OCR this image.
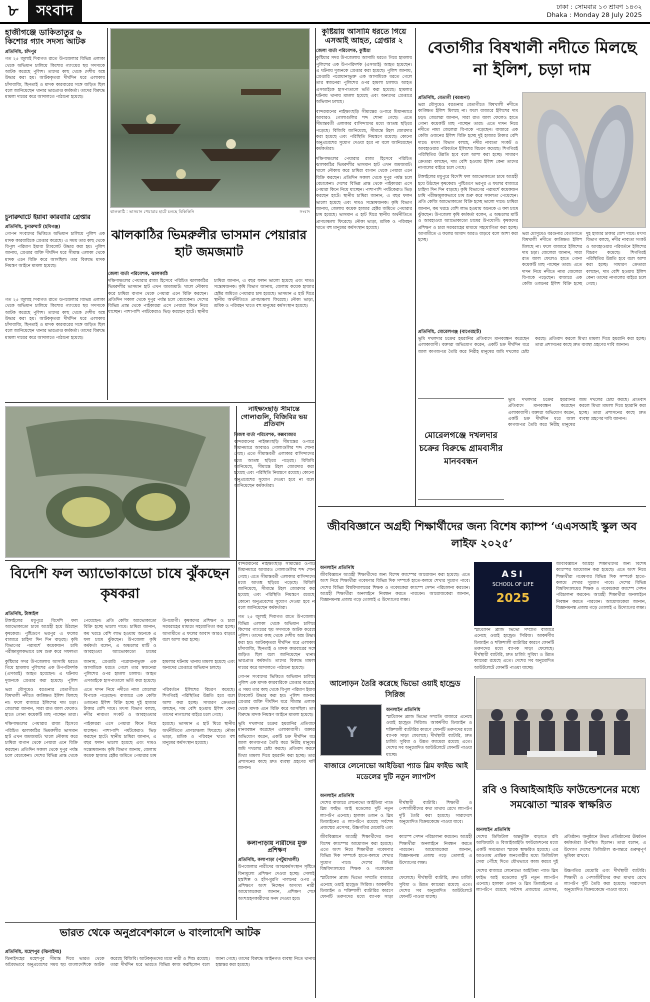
৮	সংবাদ	ঢাকা : সোমবার ১৩ শ্রাবণ ১৪৩২
Dhaka : Monday 28 July 2025
হাজীগঞ্জে ডাকিতাতুর ৬ কিশোর গ্যাং সদস্য আটক
প্রতিনিধি, চাঁদপুর
গত ২৫ জুলাই দিবাগত রাতে উপজেলার বিভিন্ন এলাকা থেকে অভিযান চালিয়ে কিশোর গ্যাংয়ের ছয় সদস্যকে আটক করেছে পুলিশ। তাদের কাছ থেকে দেশীয় অস্ত্র উদ্ধার করা হয়। আটককৃতরা দীর্ঘদিন ধরে এলাকায় চাঁদাবাজি, ছিনতাই ও মাদক কারবারের সঙ্গে জড়িত ছিল বলে জানিয়েছেন থানার ভারপ্রাপ্ত কর্মকর্তা। তাদের বিরুদ্ধে মামলা দায়ের করে আদালতে পাঠানো হয়েছে।
ঝালকাঠি : ভাসমান পেয়ারার হাটে চলছে বিকিকিনি	সংবাদ
কুষ্টিয়ায় আসামি ধরতে গিয়ে এসআই আহত, গ্রেপ্তার ২
জেলা বার্তা পরিবেশক, কুষ্টিয়া
কুষ্টিয়ার সদর উপজেলায় আসামি ধরতে গিয়ে হামলায় পুলিশের এক উপপরিদর্শক (এসআই) আহত হয়েছেন। এ ঘটনায় দুজনকে গ্রেপ্তার করা হয়েছে। পুলিশ জানায়, গ্রেপ্তারি পরোয়ানাভুক্ত এক আসামিকে ধরতে গেলে তার স্বজনেরা পুলিশের ওপর হামলা চালায়। আহত এসআইকে হাসপাতালে ভর্তি করা হয়েছে। হামলার ঘটনায় থানায় মামলা হয়েছে এবং অন্যদের গ্রেপ্তারে অভিযান চলছে।
বান্দরবানের নাইক্ষ্যংছড়ি সীমান্তের ওপারে মিয়ানমারে আবারও গোলাগুলির শব্দ শোনা গেছে। এতে সীমান্তবর্তী এলাকার বাসিন্দাদের মধ্যে আতঙ্ক ছড়িয়ে পড়েছে। বিজিবি জানিয়েছে, সীমান্তে টহল জোরদার করা হয়েছে এবং পরিস্থিতি নিয়ন্ত্রণে রয়েছে। কোনো অনুপ্রবেশের সুযোগ দেওয়া হবে না বলে জানিয়েছেন কর্মকর্তারা।
দক্ষিণাঞ্চলের পেয়ারার রাজ্য হিসেবে পরিচিত ঝালকাঠির ভিমরুলীর ভাসমান হাট এখন জমজমাট। খালে নৌকায় করে চাষিরা বাগান থেকে পেয়ারা এনে বিক্রি করছেন। প্রতিদিন সকাল থেকে দুপুর পর্যন্ত চলে বেচাকেনা। দেশের বিভিন্ন প্রান্ত থেকে পাইকাররা এসে পেয়ারা কিনে নিয়ে যাচ্ছেন। পাশাপাশি পর্যটকেরাও ভিড় করছেন হাটে। স্থানীয় চাষিরা জানান, এ বছর ফলন ভালো হয়েছে এবং দামও সন্তোষজনক। কৃষি বিভাগ জানায়, জেলায় কয়েক হাজার হেক্টর জমিতে পেয়ারার চাষ হয়েছে। ভাসমান এ হাট ঘিরে স্থানীয় অর্থনীতিতে প্রাণচাঞ্চল্য ফিরেছে। নৌকা ভাড়া, শ্রমিক ও পরিবহন খাতে বহু মানুষের কর্মসংস্থান হয়েছে।
বেতাগীর বিষখালী নদীতে মিলছে না ইলিশ, চড়া দাম
প্রতিনিধি, বেতাগী (বরগুনা)
ভরা মৌসুমেও বরগুনার বেতাগীতে বিষখালী নদীতে কাঙ্ক্ষিত ইলিশ মিলছে না। ফলে বাজারে ইলিশের দাম চড়া। জেলেরা জানান, সারা রাত জাল ফেলেও হাতে গোনা কয়েকটি মাছ পাচ্ছেন তারা। এতে দাদন নিয়ে নদীতে নামা জেলেরা বিপাকে পড়েছেন। বাজারে এক কেজি ওজনের ইলিশ বিক্রি হচ্ছে দুই হাজার টাকার বেশি দামে। মৎস্য বিভাগ বলছে, নদীর নাব্যতা সংকট ও আবহাওয়ার পরিবর্তনে ইলিশের বিচরণ কমেছে। শিগগিরই পরিস্থিতির উন্নতি হবে বলে আশা করা হচ্ছে। সাধারণ ক্রেতারা বলছেন, দাম বেশি হওয়ায় ইলিশ কেনা তাদের নাগালের বাইরে চলে গেছে।
টাঙ্গাইলের মধুপুরে বিদেশি ফল অ্যাভোকাডো চাষে আগ্রহী হয়ে উঠছেন কৃষকেরা। পুষ্টিগুণে ভরপুর এ ফলের বাজারে চাহিদা দিন দিন বাড়ছে। কৃষি বিভাগের পরামর্শে কয়েকজন চাষি পরীক্ষামূলকভাবে চাষ শুরু করে সফলতা পেয়েছেন। প্রতি কেজি অ্যাভোকাডো বিক্রি হচ্ছে ভালো দামে। চাষিরা জানান, কম খরচে বেশি লাভ হওয়ায় অনেকে এ ফল চাষে ঝুঁকছেন। উপজেলা কৃষি কর্মকর্তা বলেন, এ অঞ্চলের মাটি ও আবহাওয়া অ্যাভোকাডো চাষের উপযোগী। কৃষকদের প্রশিক্ষণ ও চারা সরবরাহের মাধ্যমে সহযোগিতা করা হচ্ছে। আগামীতে এ ফলের আবাদ আরও বাড়বে বলে আশা করা হচ্ছে।
ভরা মৌসুমেও বরগুনার বেতাগীতে বিষখালী নদীতে কাঙ্ক্ষিত ইলিশ মিলছে না। ফলে বাজারে ইলিশের দাম চড়া। জেলেরা জানান, সারা রাত জাল ফেলেও হাতে গোনা কয়েকটি মাছ পাচ্ছেন তারা। এতে দাদন নিয়ে নদীতে নামা জেলেরা বিপাকে পড়েছেন। বাজারে এক কেজি ওজনের ইলিশ বিক্রি হচ্ছে দুই হাজার টাকার বেশি দামে। মৎস্য বিভাগ বলছে, নদীর নাব্যতা সংকট ও আবহাওয়ার পরিবর্তনে ইলিশের বিচরণ কমেছে। শিগগিরই পরিস্থিতির উন্নতি হবে বলে আশা করা হচ্ছে। সাধারণ ক্রেতারা বলছেন, দাম বেশি হওয়ায় ইলিশ কেনা তাদের নাগালের বাইরে চলে গেছে।
চুনারুঘাটে ইয়াবা কারবারি গ্রেপ্তার
প্রতিনিধি, চুনারুঘাট (হবিগঞ্জ)
গোপন সংবাদের ভিত্তিতে অভিযান চালিয়ে পুলিশ এক মাদক কারবারিকে গ্রেপ্তার করেছে। এ সময় তার কাছ থেকে বিপুল পরিমাণ ইয়াবা ট্যাবলেট উদ্ধার করা হয়। পুলিশ জানায়, গ্রেপ্তার ব্যক্তি দীর্ঘদিন ধরে সীমান্ত এলাকা থেকে মাদক এনে বিক্রি করে আসছিল। তার বিরুদ্ধে মাদক নিয়ন্ত্রণ আইনে মামলা হয়েছে।
ঝালকাঠির ভিমরুলীর ভাসমান পেয়ারার হাট জমজমাট
জেলা বার্তা পরিবেশক, ঝালকাঠি
দক্ষিণাঞ্চলের পেয়ারার রাজ্য হিসেবে পরিচিত ঝালকাঠির ভিমরুলীর ভাসমান হাট এখন জমজমাট। খালে নৌকায় করে চাষিরা বাগান থেকে পেয়ারা এনে বিক্রি করছেন। প্রতিদিন সকাল থেকে দুপুর পর্যন্ত চলে বেচাকেনা। দেশের বিভিন্ন প্রান্ত থেকে পাইকাররা এসে পেয়ারা কিনে নিয়ে যাচ্ছেন। পাশাপাশি পর্যটকেরাও ভিড় করছেন হাটে। স্থানীয় চাষিরা জানান, এ বছর ফলন ভালো হয়েছে এবং দামও সন্তোষজনক। কৃষি বিভাগ জানায়, জেলায় কয়েক হাজার হেক্টর জমিতে পেয়ারার চাষ হয়েছে। ভাসমান এ হাট ঘিরে স্থানীয় অর্থনীতিতে প্রাণচাঞ্চল্য ফিরেছে। নৌকা ভাড়া, শ্রমিক ও পরিবহন খাতে বহু মানুষের কর্মসংস্থান হয়েছে।
গত ২৫ জুলাই দিবাগত রাতে উপজেলার বিভিন্ন এলাকা থেকে অভিযান চালিয়ে কিশোর গ্যাংয়ের ছয় সদস্যকে আটক করেছে পুলিশ। তাদের কাছ থেকে দেশীয় অস্ত্র উদ্ধার করা হয়। আটককৃতরা দীর্ঘদিন ধরে এলাকায় চাঁদাবাজি, ছিনতাই ও মাদক কারবারের সঙ্গে জড়িত ছিল বলে জানিয়েছেন থানার ভারপ্রাপ্ত কর্মকর্তা। তাদের বিরুদ্ধে মামলা দায়ের করে আদালতে পাঠানো হয়েছে।
প্রতিনিধি, মোরেলগঞ্জ (বাগেরহাট)
ভূমি দখলদার চক্রের হয়রানির প্রতিবাদে মানববন্ধন করেছেন এলাকাবাসী। বক্তারা অভিযোগ করেন, একটি চক্র দীর্ঘদিন ধরে জাল কাগজপত্র তৈরি করে নিরীহ মানুষের জমি দখলের চেষ্টা করছে। প্রতিবাদ করলে মিথ্যা মামলা দিয়ে হয়রানি করা হচ্ছে। তারা প্রশাসনের কাছে দ্রুত ব্যবস্থা গ্রহণের দাবি জানান।
মোরেলগঞ্জে দখলদার চক্রের বিরুদ্ধে গ্রামবাসীর মানববন্ধন
ভূমি দখলদার চক্রের হয়রানির প্রতিবাদে মানববন্ধন করেছেন এলাকাবাসী। বক্তারা অভিযোগ করেন, একটি চক্র দীর্ঘদিন ধরে জাল কাগজপত্র তৈরি করে নিরীহ মানুষের জমি দখলের চেষ্টা করছে। প্রতিবাদ করলে মিথ্যা মামলা দিয়ে হয়রানি করা হচ্ছে। তারা প্রশাসনের কাছে দ্রুত ব্যবস্থা গ্রহণের দাবি জানান।
নাইক্ষ্যংছড়ি সীমান্তে গোলাগুলি, বিজিবির ভয় প্রতিবাদ
নিজস্ব বার্তা পরিবেশক, কক্সবাজার
বান্দরবানের নাইক্ষ্যংছড়ি সীমান্তের ওপারে মিয়ানমারে আবারও গোলাগুলির শব্দ শোনা গেছে। এতে সীমান্তবর্তী এলাকার বাসিন্দাদের মধ্যে আতঙ্ক ছড়িয়ে পড়েছে। বিজিবি জানিয়েছে, সীমান্তে টহল জোরদার করা হয়েছে এবং পরিস্থিতি নিয়ন্ত্রণে রয়েছে। কোনো অনুপ্রবেশের সুযোগ দেওয়া হবে না বলে জানিয়েছেন কর্মকর্তারা।
জীববিজ্ঞানে অগ্রহী শিক্ষার্থীদের জন্য বিশেষ ক্যাম্প ‘এএসআই স্কুল অব লাইফ ২০২৫’
বিদেশি ফল অ্যাভোকাডো চাষে ঝুঁকছেন কৃষকরা
প্রতিনিধি, টাঙ্গাইল
টাঙ্গাইলের মধুপুরে বিদেশি ফল অ্যাভোকাডো চাষে আগ্রহী হয়ে উঠছেন কৃষকেরা। পুষ্টিগুণে ভরপুর এ ফলের বাজারে চাহিদা দিন দিন বাড়ছে। কৃষি বিভাগের পরামর্শে কয়েকজন চাষি পরীক্ষামূলকভাবে চাষ শুরু করে সফলতা পেয়েছেন। প্রতি কেজি অ্যাভোকাডো বিক্রি হচ্ছে ভালো দামে। চাষিরা জানান, কম খরচে বেশি লাভ হওয়ায় অনেকে এ ফল চাষে ঝুঁকছেন। উপজেলা কৃষি কর্মকর্তা বলেন, এ অঞ্চলের মাটি ও আবহাওয়া অ্যাভোকাডো চাষের উপযোগী। কৃষকদের প্রশিক্ষণ ও চারা সরবরাহের মাধ্যমে সহযোগিতা করা হচ্ছে। আগামীতে এ ফলের আবাদ আরও বাড়বে বলে আশা করা হচ্ছে।
কুষ্টিয়ার সদর উপজেলায় আসামি ধরতে গিয়ে হামলায় পুলিশের এক উপপরিদর্শক (এসআই) আহত হয়েছেন। এ ঘটনায় দুজনকে গ্রেপ্তার করা হয়েছে। পুলিশ জানায়, গ্রেপ্তারি পরোয়ানাভুক্ত এক আসামিকে ধরতে গেলে তার স্বজনেরা পুলিশের ওপর হামলা চালায়। আহত এসআইকে হাসপাতালে ভর্তি করা হয়েছে। হামলার ঘটনায় থানায় মামলা হয়েছে এবং অন্যদের গ্রেপ্তারে অভিযান চলছে।
ভরা মৌসুমেও বরগুনার বেতাগীতে বিষখালী নদীতে কাঙ্ক্ষিত ইলিশ মিলছে না। ফলে বাজারে ইলিশের দাম চড়া। জেলেরা জানান, সারা রাত জাল ফেলেও হাতে গোনা কয়েকটি মাছ পাচ্ছেন তারা। এতে দাদন নিয়ে নদীতে নামা জেলেরা বিপাকে পড়েছেন। বাজারে এক কেজি ওজনের ইলিশ বিক্রি হচ্ছে দুই হাজার টাকার বেশি দামে। মৎস্য বিভাগ বলছে, নদীর নাব্যতা সংকট ও আবহাওয়ার পরিবর্তনে ইলিশের বিচরণ কমেছে। শিগগিরই পরিস্থিতির উন্নতি হবে বলে আশা করা হচ্ছে। সাধারণ ক্রেতারা বলছেন, দাম বেশি হওয়ায় ইলিশ কেনা তাদের নাগালের বাইরে চলে গেছে।
দক্ষিণাঞ্চলের পেয়ারার রাজ্য হিসেবে পরিচিত ঝালকাঠির ভিমরুলীর ভাসমান হাট এখন জমজমাট। খালে নৌকায় করে চাষিরা বাগান থেকে পেয়ারা এনে বিক্রি করছেন। প্রতিদিন সকাল থেকে দুপুর পর্যন্ত চলে বেচাকেনা। দেশের বিভিন্ন প্রান্ত থেকে পাইকাররা এসে পেয়ারা কিনে নিয়ে যাচ্ছেন। পাশাপাশি পর্যটকেরাও ভিড় করছেন হাটে। স্থানীয় চাষিরা জানান, এ বছর ফলন ভালো হয়েছে এবং দামও সন্তোষজনক। কৃষি বিভাগ জানায়, জেলায় কয়েক হাজার হেক্টর জমিতে পেয়ারার চাষ হয়েছে। ভাসমান এ হাট ঘিরে স্থানীয় অর্থনীতিতে প্রাণচাঞ্চল্য ফিরেছে। নৌকা ভাড়া, শ্রমিক ও পরিবহন খাতে বহু মানুষের কর্মসংস্থান হয়েছে।
বান্দরবানের নাইক্ষ্যংছড়ি সীমান্তের ওপারে মিয়ানমারে আবারও গোলাগুলির শব্দ শোনা গেছে। এতে সীমান্তবর্তী এলাকার বাসিন্দাদের মধ্যে আতঙ্ক ছড়িয়ে পড়েছে। বিজিবি জানিয়েছে, সীমান্তে টহল জোরদার করা হয়েছে এবং পরিস্থিতি নিয়ন্ত্রণে রয়েছে। কোনো অনুপ্রবেশের সুযোগ দেওয়া হবে না বলে জানিয়েছেন কর্মকর্তারা।
গত ২৫ জুলাই দিবাগত রাতে উপজেলার বিভিন্ন এলাকা থেকে অভিযান চালিয়ে কিশোর গ্যাংয়ের ছয় সদস্যকে আটক করেছে পুলিশ। তাদের কাছ থেকে দেশীয় অস্ত্র উদ্ধার করা হয়। আটককৃতরা দীর্ঘদিন ধরে এলাকায় চাঁদাবাজি, ছিনতাই ও মাদক কারবারের সঙ্গে জড়িত ছিল বলে জানিয়েছেন থানার ভারপ্রাপ্ত কর্মকর্তা। তাদের বিরুদ্ধে মামলা দায়ের করে আদালতে পাঠানো হয়েছে।
গোপন সংবাদের ভিত্তিতে অভিযান চালিয়ে পুলিশ এক মাদক কারবারিকে গ্রেপ্তার করেছে। এ সময় তার কাছ থেকে বিপুল পরিমাণ ইয়াবা ট্যাবলেট উদ্ধার করা হয়। পুলিশ জানায়, গ্রেপ্তার ব্যক্তি দীর্ঘদিন ধরে সীমান্ত এলাকা থেকে মাদক এনে বিক্রি করে আসছিল। তার বিরুদ্ধে মাদক নিয়ন্ত্রণ আইনে মামলা হয়েছে।
ভূমি দখলদার চক্রের হয়রানির প্রতিবাদে মানববন্ধন করেছেন এলাকাবাসী। বক্তারা অভিযোগ করেন, একটি চক্র দীর্ঘদিন ধরে জাল কাগজপত্র তৈরি করে নিরীহ মানুষের জমি দখলের চেষ্টা করছে। প্রতিবাদ করলে মিথ্যা মামলা দিয়ে হয়রানি করা হচ্ছে। তারা প্রশাসনের কাছে দ্রুত ব্যবস্থা গ্রহণের দাবি জানান।
অনলাইন প্রতিনিধি
জীববিজ্ঞানে আগ্রহী শিক্ষার্থীদের জন্য বিশেষ ক্যাম্পের আয়োজন করা হয়েছে। এতে অংশ নিয়ে শিক্ষার্থীরা গবেষণার বিভিন্ন দিক সম্পর্কে হাতে-কলমে শেখার সুযোগ পাবে। দেশের বিভিন্ন বিশ্ববিদ্যালয়ের শিক্ষক ও গবেষকেরা ক্যাম্পে সেশন পরিচালনা করবেন। আগ্রহী শিক্ষার্থীরা অনলাইনে নিবন্ধন করতে পারবেন। আয়োজকেরা জানান, বিজ্ঞানমনস্ক প্রজন্ম গড়ে তোলাই এ উদ্যোগের লক্ষ্য।
ASI
SCHOOL OF LIFE
2025
জীববিজ্ঞানে আগ্রহী শিক্ষার্থীদের জন্য বিশেষ ক্যাম্পের আয়োজন করা হয়েছে। এতে অংশ নিয়ে শিক্ষার্থীরা গবেষণার বিভিন্ন দিক সম্পর্কে হাতে-কলমে শেখার সুযোগ পাবে। দেশের বিভিন্ন বিশ্ববিদ্যালয়ের শিক্ষক ও গবেষকেরা ক্যাম্পে সেশন পরিচালনা করবেন। আগ্রহী শিক্ষার্থীরা অনলাইনে নিবন্ধন করতে পারবেন। আয়োজকেরা জানান, বিজ্ঞানমনস্ক প্রজন্ম গড়ে তোলাই এ উদ্যোগের লক্ষ্য।
স্মার্টফোন ব্র্যান্ড ভিভো সম্প্রতি বাজারে এনেছে ওয়াই হান্ড্রেড সিরিজ। আকর্ষণীয় ডিজাইন ও শক্তিশালী ব্যাটারির কারণে ফোনটি তরুণদের মধ্যে ব্যাপক সাড়া ফেলেছে। দীর্ঘস্থায়ী ব্যাটারি, দ্রুত চার্জিং সুবিধা ও উন্নত ক্যামেরা রয়েছে এতে। দেশের সব অনুমোদিত আউটলেটে ফোনটি পাওয়া যাচ্ছে।
আলোড়ন তৈরি করেছে ভিভো ওয়াই হান্ড্রেড সিরিজ
Y
অনলাইন প্রতিনিধি
স্মার্টফোন ব্র্যান্ড ভিভো সম্প্রতি বাজারে এনেছে ওয়াই হান্ড্রেড সিরিজ। আকর্ষণীয় ডিজাইন ও শক্তিশালী ব্যাটারির কারণে ফোনটি তরুণদের মধ্যে ব্যাপক সাড়া ফেলেছে। দীর্ঘস্থায়ী ব্যাটারি, দ্রুত চার্জিং সুবিধা ও উন্নত ক্যামেরা রয়েছে এতে। দেশের সব অনুমোদিত আউটলেটে ফোনটি পাওয়া যাচ্ছে।
বাজারে লেনোভো আইডিয়া প্যাড স্লিম ফাইভ আই মডেলের দুটি নতুন ল্যাপটপ
অনলাইন প্রতিনিধি
দেশের বাজারে লেনোভো আইডিয়া প্যাড স্লিম ফাইভ আই মডেলের দুটি নতুন ল্যাপটপ এনেছে। হালকা ওজন ও স্লিম ডিজাইনের এ ল্যাপটপে রয়েছে সর্বশেষ প্রজন্মের প্রসেসর, উচ্চগতির মেমোরি এবং দীর্ঘস্থায়ী ব্যাটারি। শিক্ষার্থী ও পেশাজীবীদের কথা মাথায় রেখে ল্যাপটপ দুটি তৈরি করা হয়েছে। সারাদেশে অনুমোদিত বিক্রয়কেন্দ্রে পাওয়া যাবে।
জীববিজ্ঞানে আগ্রহী শিক্ষার্থীদের জন্য বিশেষ ক্যাম্পের আয়োজন করা হয়েছে। এতে অংশ নিয়ে শিক্ষার্থীরা গবেষণার বিভিন্ন দিক সম্পর্কে হাতে-কলমে শেখার সুযোগ পাবে। দেশের বিভিন্ন বিশ্ববিদ্যালয়ের শিক্ষক ও গবেষকেরা ক্যাম্পে সেশন পরিচালনা করবেন। আগ্রহী শিক্ষার্থীরা অনলাইনে নিবন্ধন করতে পারবেন। আয়োজকেরা জানান, বিজ্ঞানমনস্ক প্রজন্ম গড়ে তোলাই এ উদ্যোগের লক্ষ্য।
স্মার্টফোন ব্র্যান্ড ভিভো সম্প্রতি বাজারে এনেছে ওয়াই হান্ড্রেড সিরিজ। আকর্ষণীয় ডিজাইন ও শক্তিশালী ব্যাটারির কারণে ফোনটি তরুণদের মধ্যে ব্যাপক সাড়া ফেলেছে। দীর্ঘস্থায়ী ব্যাটারি, দ্রুত চার্জিং সুবিধা ও উন্নত ক্যামেরা রয়েছে এতে। দেশের সব অনুমোদিত আউটলেটে ফোনটি পাওয়া যাচ্ছে।
রবি ও বিআইআইডি ফাউন্ডেশনের মধ্যে সমঝোতা স্মারক স্বাক্ষরিত
অনলাইন প্রতিনিধি
দেশের ডিজিটাল অন্তর্ভুক্তি বাড়াতে রবি আজিয়াটা ও বিআইআইডি ফাউন্ডেশনের মধ্যে একটি সমঝোতা স্মারক স্বাক্ষরিত হয়েছে। এর আওতায় প্রান্তিক জনগোষ্ঠীর মধ্যে ডিজিটাল সেবা পৌঁছে দিতে যৌথভাবে কাজ করবে দুই প্রতিষ্ঠান। অনুষ্ঠানে উভয় প্রতিষ্ঠানের ঊর্ধ্বতন কর্মকর্তারা উপস্থিত ছিলেন। তারা বলেন, এ উদ্যোগ দেশের ডিজিটাল রূপান্তরে গুরুত্বপূর্ণ ভূমিকা রাখবে।
দেশের বাজারে লেনোভো আইডিয়া প্যাড স্লিম ফাইভ আই মডেলের দুটি নতুন ল্যাপটপ এনেছে। হালকা ওজন ও স্লিম ডিজাইনের এ ল্যাপটপে রয়েছে সর্বশেষ প্রজন্মের প্রসেসর, উচ্চগতির মেমোরি এবং দীর্ঘস্থায়ী ব্যাটারি। শিক্ষার্থী ও পেশাজীবীদের কথা মাথায় রেখে ল্যাপটপ দুটি তৈরি করা হয়েছে। সারাদেশে অনুমোদিত বিক্রয়কেন্দ্রে পাওয়া যাবে।
কলাপাড়ায় নারীদের মুক্ত প্রশিক্ষণ
প্রতিনিধি, কলাপাড়া (পটুয়াখালী)
উপজেলার নারীদের আত্মকর্মসংস্থান সৃষ্টিতে বিনামূল্যে প্রশিক্ষণ দেওয়া হচ্ছে। সেলাই, হস্তশিল্প ও হাঁস-মুরগি পালনের ওপর এ প্রশিক্ষণে অংশ নিচ্ছেন অসংখ্য নারী। আয়োজকেরা জানান, প্রশিক্ষণ শেষে অংশগ্রহণকারীদের সনদ দেওয়া হবে।
ভারত থেকে অনুপ্রবেশকালে ৬ বাংলাদেশি আটক
প্রতিনিধি, মহেশপুর (ঝিনাইদহ)
ঝিনাইদহের মহেশপুর সীমান্ত দিয়ে ভারত থেকে অবৈধভাবে অনুপ্রবেশের সময় ছয় বাংলাদেশিকে আটক করেছে বিজিবি। আটককৃতদের মধ্যে নারী ও শিশু রয়েছে। তারা দীর্ঘদিন ধরে ভারতে বিভিন্ন কাজ করছিলেন বলে জানা গেছে। তাদের বিরুদ্ধে আইনগত ব্যবস্থা নিতে থানায় হস্তান্তর করা হয়েছে।
